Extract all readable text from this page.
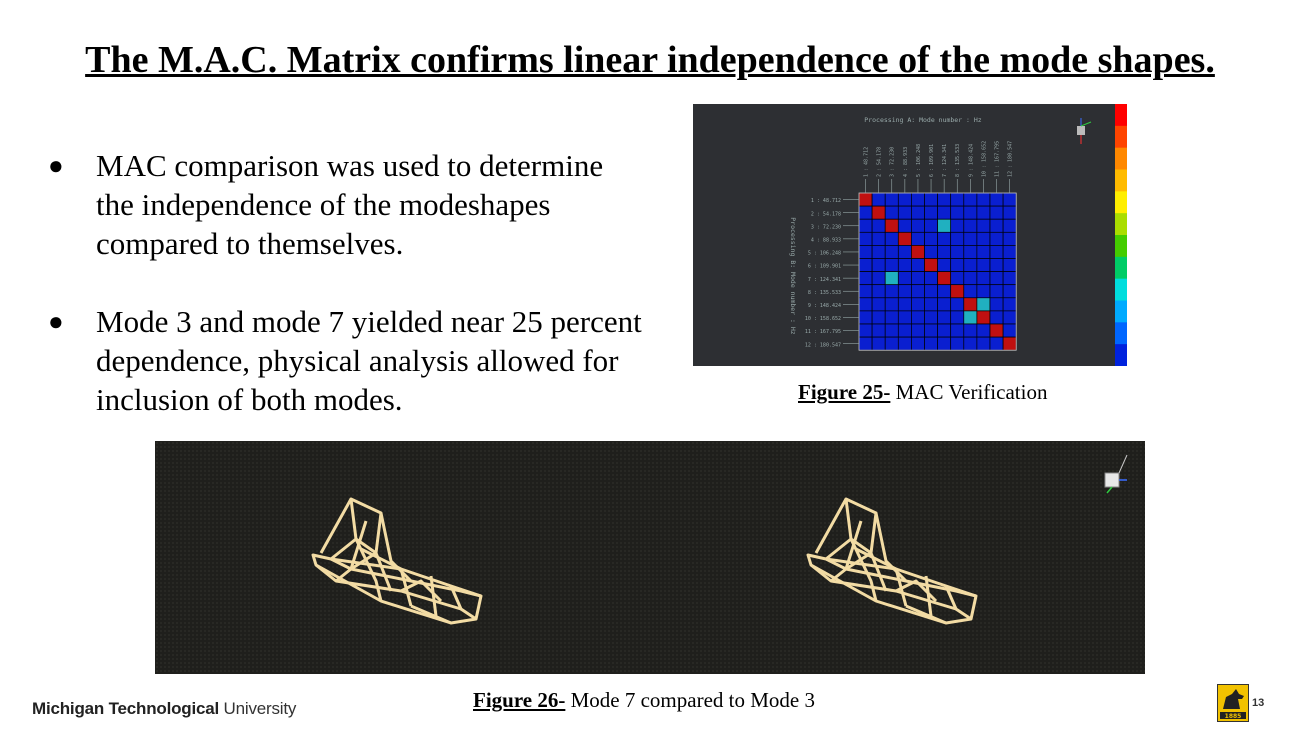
The M.A.C. Matrix confirms linear independence of the mode shapes.
● MAC comparison was used to determine the independence of the modeshapes compared to themselves.
● Mode 3 and mode 7 yielded near 25 percent dependence, physical analysis allowed for inclusion of both modes.
Processing A: Mode number : Hz
Processing B: Mode number : Hz
1 : 48.712
2 : 54.178
3 : 72.230
4 : 88.933
5 : 106.248
6 : 109.901
7 : 124.341
8 : 135.533
9 : 148.424
10 : 158.652
11 : 167.795
12 : 180.547
1 : 48.712 2 : 54.178 3 : 72.230 4 : 88.933 5 : 106.248 6 : 109.901 7 : 124.341 8 : 135.533 9 : 148.424 10 : 158.652 11 : 167.795 12 : 180.547
Figure 25- MAC Verification
Figure 26- Mode 7 compared to Mode 3
Michigan Technological University	1885
13
